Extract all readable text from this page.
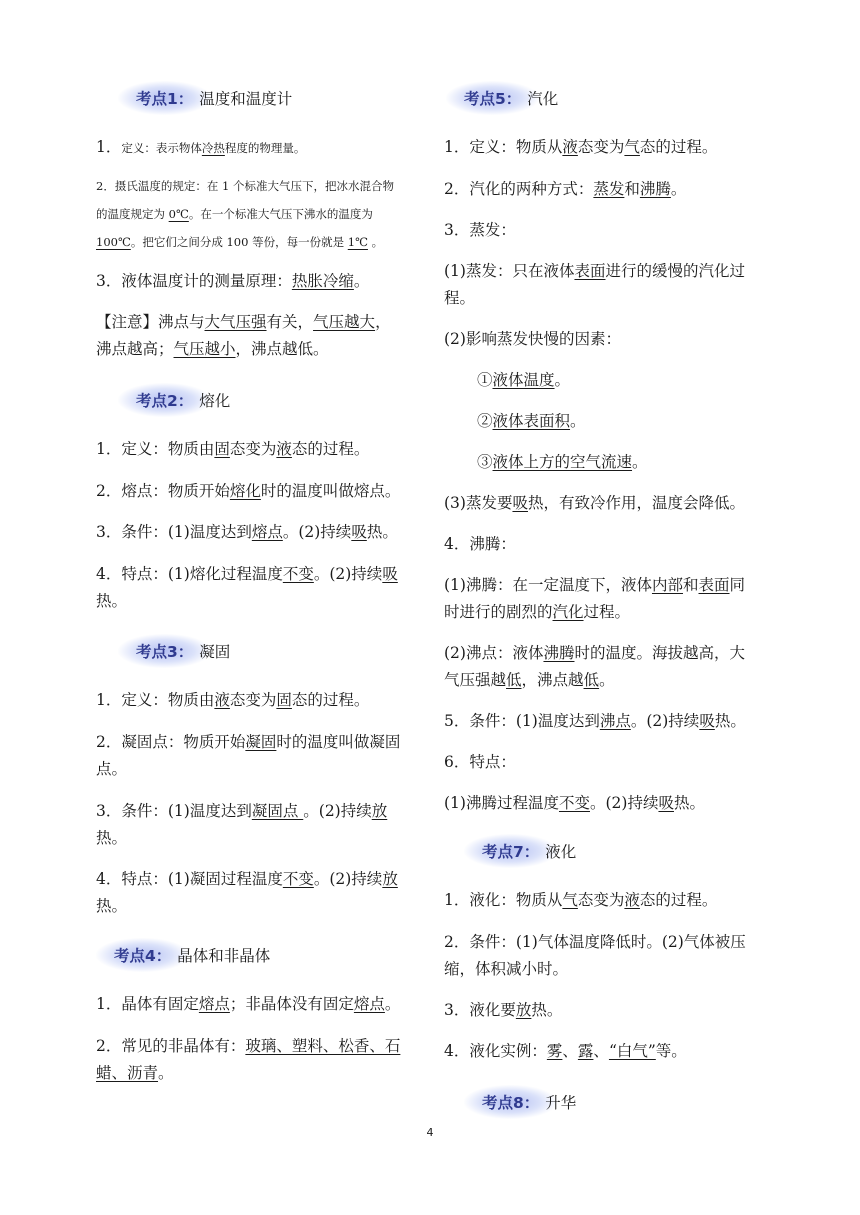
考点1： 温度和温度计
1．定义：表示物体冷热程度的物理量。
2．摄氏温度的规定：在 1 个标准大气压下，把冰水混合物
的温度规定为 0℃。在一个标准大气压下沸水的温度为
100℃。把它们之间分成 100 等份，每一份就是 1℃ 。
3．液体温度计的测量原理：热胀冷缩。
【注意】沸点与大气压强有关，气压越大，
沸点越高；气压越小，沸点越低。
考点2： 熔化
1．定义：物质由固态变为液态的过程。
2．熔点：物质开始熔化时的温度叫做熔点。
3．条件：(1)温度达到熔点。(2)持续吸热。
4．特点：(1)熔化过程温度不变。(2)持续吸
热。
考点3： 凝固
1．定义：物质由液态变为固态的过程。
2．凝固点：物质开始凝固时的温度叫做凝固
点。
3．条件：(1)温度达到凝固点 。(2)持续放
热。
4．特点：(1)凝固过程温度不变。(2)持续放
热。
考点4： 晶体和非晶体
1．晶体有固定熔点；非晶体没有固定熔点。
2．常见的非晶体有：玻璃、塑料、松香、石
蜡、沥青。
考点5： 汽化
1．定义：物质从液态变为气态的过程。
2．汽化的两种方式：蒸发和沸腾。
3．蒸发：
(1)蒸发：只在液体表面进行的缓慢的汽化过
程。
(2)影响蒸发快慢的因素：
①液体温度。
②液体表面积。
③液体上方的空气流速。
(3)蒸发要吸热，有致冷作用，温度会降低。
4．沸腾：
(1)沸腾：在一定温度下，液体内部和表面同
时进行的剧烈的汽化过程。
(2)沸点：液体沸腾时的温度。海拔越高，大
气压强越低，沸点越低。
5．条件：(1)温度达到沸点。(2)持续吸热。
6．特点：
(1)沸腾过程温度不变。(2)持续吸热。
考点7： 液化
1．液化：物质从气态变为液态的过程。
2．条件：(1)气体温度降低时。(2)气体被压
缩，体积减小时。
3．液化要放热。
4．液化实例：雾、露、“白气”等。
考点8： 升华
4
